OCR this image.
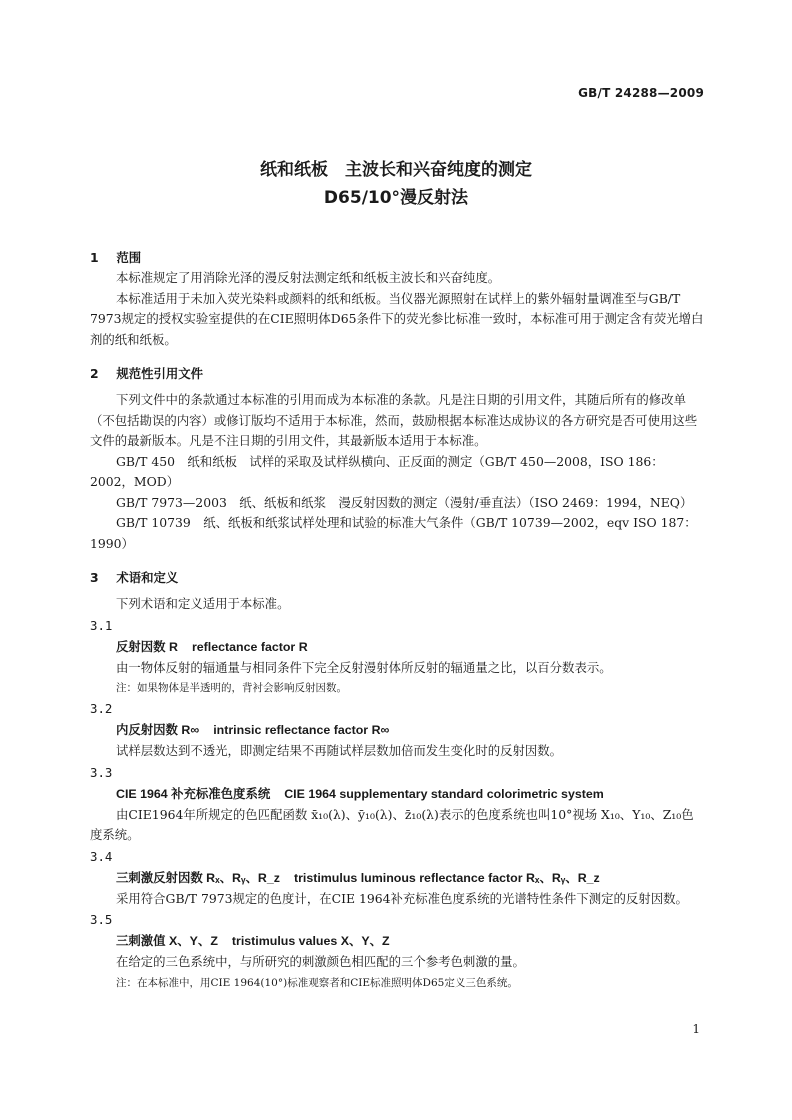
GB/T 24288—2009
纸和纸板　主波长和兴奋纯度的测定
D65/10°漫反射法
1 范围

本标准规定了用消除光泽的漫反射法测定纸和纸板主波长和兴奋纯度。

本标准适用于未加入荧光染料或颜料的纸和纸板。当仪器光源照射在试样上的紫外辐射量调准至与GB/T 7973规定的授权实验室提供的在CIE照明体D65条件下的荧光参比标准一致时，本标准可用于测定含有荧光增白剂的纸和纸板。

2 规范性引用文件

下列文件中的条款通过本标准的引用而成为本标准的条款。凡是注日期的引用文件，其随后所有的修改单（不包括勘误的内容）或修订版均不适用于本标准，然而，鼓励根据本标准达成协议的各方研究是否可使用这些文件的最新版本。凡是不注日期的引用文件，其最新版本适用于本标准。

GB/T 450　纸和纸板　试样的采取及试样纵横向、正反面的测定（GB/T 450—2008，ISO 186：2002，MOD）

GB/T 7973—2003　纸、纸板和纸浆　漫反射因数的测定（漫射/垂直法）（ISO 2469：1994，NEQ）

GB/T 10739　纸、纸板和纸浆试样处理和试验的标准大气条件（GB/T 10739—2002，eqv ISO 187：1990）

3 术语和定义

下列术语和定义适用于本标准。

3.1
反射因数 R reflectance factor R

由一物体反射的辐通量与相同条件下完全反射漫射体所反射的辐通量之比，以百分数表示。

注：如果物体是半透明的，背衬会影响反射因数。

3.2
内反射因数 R∞ intrinsic reflectance factor R∞

试样层数达到不透光，即测定结果不再随试样层数加倍而发生变化时的反射因数。

3.3
CIE 1964 补充标准色度系统 CIE 1964 supplementary standard colorimetric system

由CIE1964年所规定的色匹配函数 x̄₁₀(λ)、ȳ₁₀(λ)、z̄₁₀(λ)表示的色度系统也叫10°视场 X₁₀、Y₁₀、Z₁₀色度系统。

3.4
三刺激反射因数 Rₓ、Rᵧ、R_z tristimulus luminous reflectance factor Rₓ、Rᵧ、R_z

采用符合GB/T 7973规定的色度计，在CIE 1964补充标准色度系统的光谱特性条件下测定的反射因数。

3.5
三刺激值 X、Y、Z tristimulus values X、Y、Z

在给定的三色系统中，与所研究的刺激颜色相匹配的三个参考色刺激的量。

注：在本标准中，用CIE 1964(10°)标准观察者和CIE标准照明体D65定义三色系统。

1
